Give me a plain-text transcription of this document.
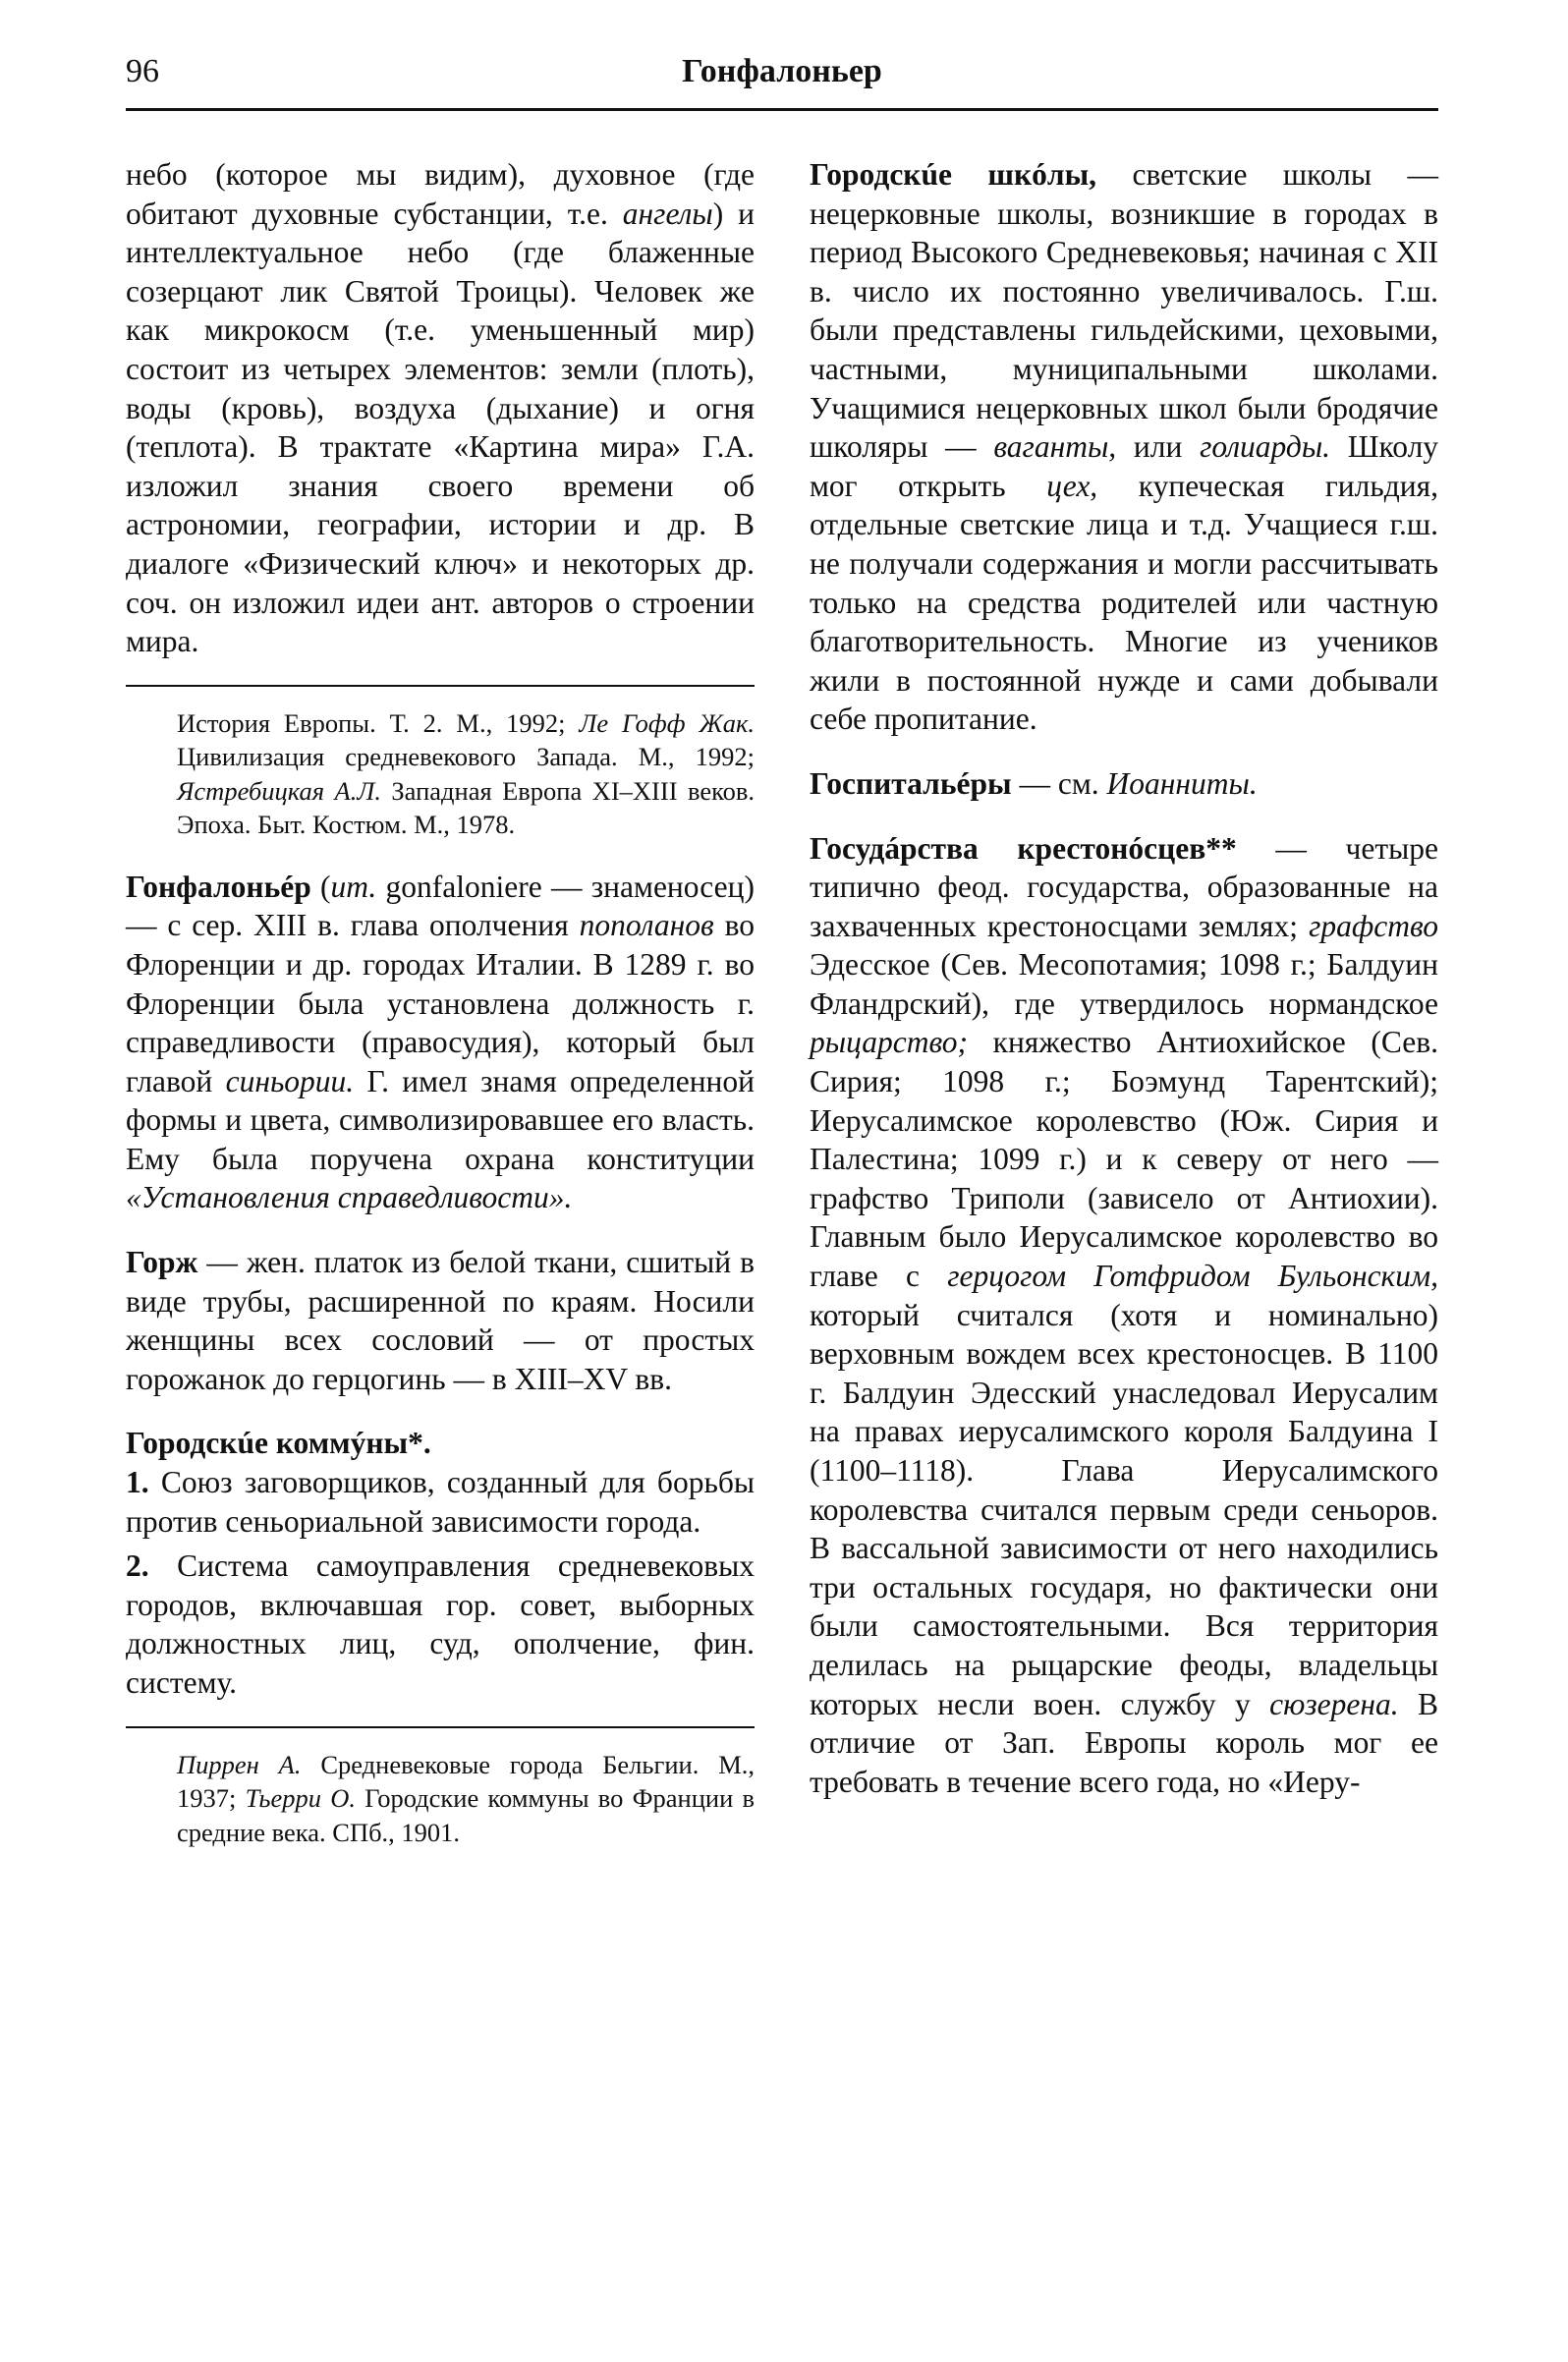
96	Гонфалоньер

небо (которое мы видим), духовное (где обитают духовные субстанции, т.е. ангелы) и интеллектуальное небо (где блаженные созерцают лик Святой Троицы). Человек же как микрокосм (т.е. уменьшенный мир) состоит из четырех элементов: земли (плоть), воды (кровь), воздуха (дыхание) и огня (теплота). В трактате «Картина мира» Г.А. изложил знания своего времени об астрономии, географии, истории и др. В диалоге «Физический ключ» и некоторых др. соч. он изложил идеи ант. авторов о строении мира.

История Европы. Т. 2. М., 1992; Ле Гофф Жак. Цивилизация средневекового Запада. М., 1992; Ястребицкая А.Л. Западная Европа XI–XIII веков. Эпоха. Быт. Костюм. М., 1978.

Гонфалоньéр (ит. gonfaloniere — знаменосец) — с сер. XIII в. глава ополчения пополанов во Флоренции и др. городах Италии. В 1289 г. во Флоренции была установлена должность г. справедливости (правосудия), который был главой синьории. Г. имел знамя определенной формы и цвета, символизировавшее его власть. Ему была поручена охрана конституции «Установления справедливости».

Горж — жен. платок из белой ткани, сшитый в виде трубы, расширенной по краям. Носили женщины всех сословий — от простых горожанок до герцогинь — в XIII–XV вв.

Городскúе коммýны*.

1. Союз заговорщиков, созданный для борьбы против сеньориальной зависимости города.

2. Система самоуправления средневековых городов, включавшая гор. совет, выборных должностных лиц, суд, ополчение, фин. систему.

Пиррен А. Средневековые города Бельгии. М., 1937; Тьерри О. Городские коммуны во Франции в средние века. СПб., 1901.

Городскúе шкóлы, светские школы — нецерковные школы, возникшие в городах в период Высокого Средневековья; начиная с XII в. число их постоянно увеличивалось. Г.ш. были представлены гильдейскими, цеховыми, частными, муниципальными школами. Учащимися нецерковных школ были бродячие школяры — ваганты, или голиарды. Школу мог открыть цех, купеческая гильдия, отдельные светские лица и т.д. Учащиеся г.ш. не получали содержания и могли рассчитывать только на средства родителей или частную благотворительность. Многие из учеников жили в постоянной нужде и сами добывали себе пропитание.

Госпитальéры — см. Иоанниты.

Госудáрства крестонóсцев** — четыре типично феод. государства, образованные на захваченных крестоносцами землях; графство Эдесское (Сев. Месопотамия; 1098 г.; Балдуин Фландрский), где утвердилось нормандское рыцарство; княжество Антиохийское (Сев. Сирия; 1098 г.; Боэмунд Тарентский); Иерусалимское королевство (Юж. Сирия и Палестина; 1099 г.) и к северу от него — графство Триполи (зависело от Антиохии). Главным было Иерусалимское королевство во главе с герцогом Готфридом Бульонским, который считался (хотя и номинально) верховным вождем всех крестоносцев. В 1100 г. Балдуин Эдесский унаследовал Иерусалим на правах иерусалимского короля Балдуина I (1100–1118). Глава Иерусалимского королевства считался первым среди сеньоров. В вассальной зависимости от него находились три остальных государя, но фактически они были самостоятельными. Вся территория делилась на рыцарские феоды, владельцы которых несли воен. службу у сюзерена. В отличие от Зап. Европы король мог ее требовать в течение всего года, но «Иеру-
